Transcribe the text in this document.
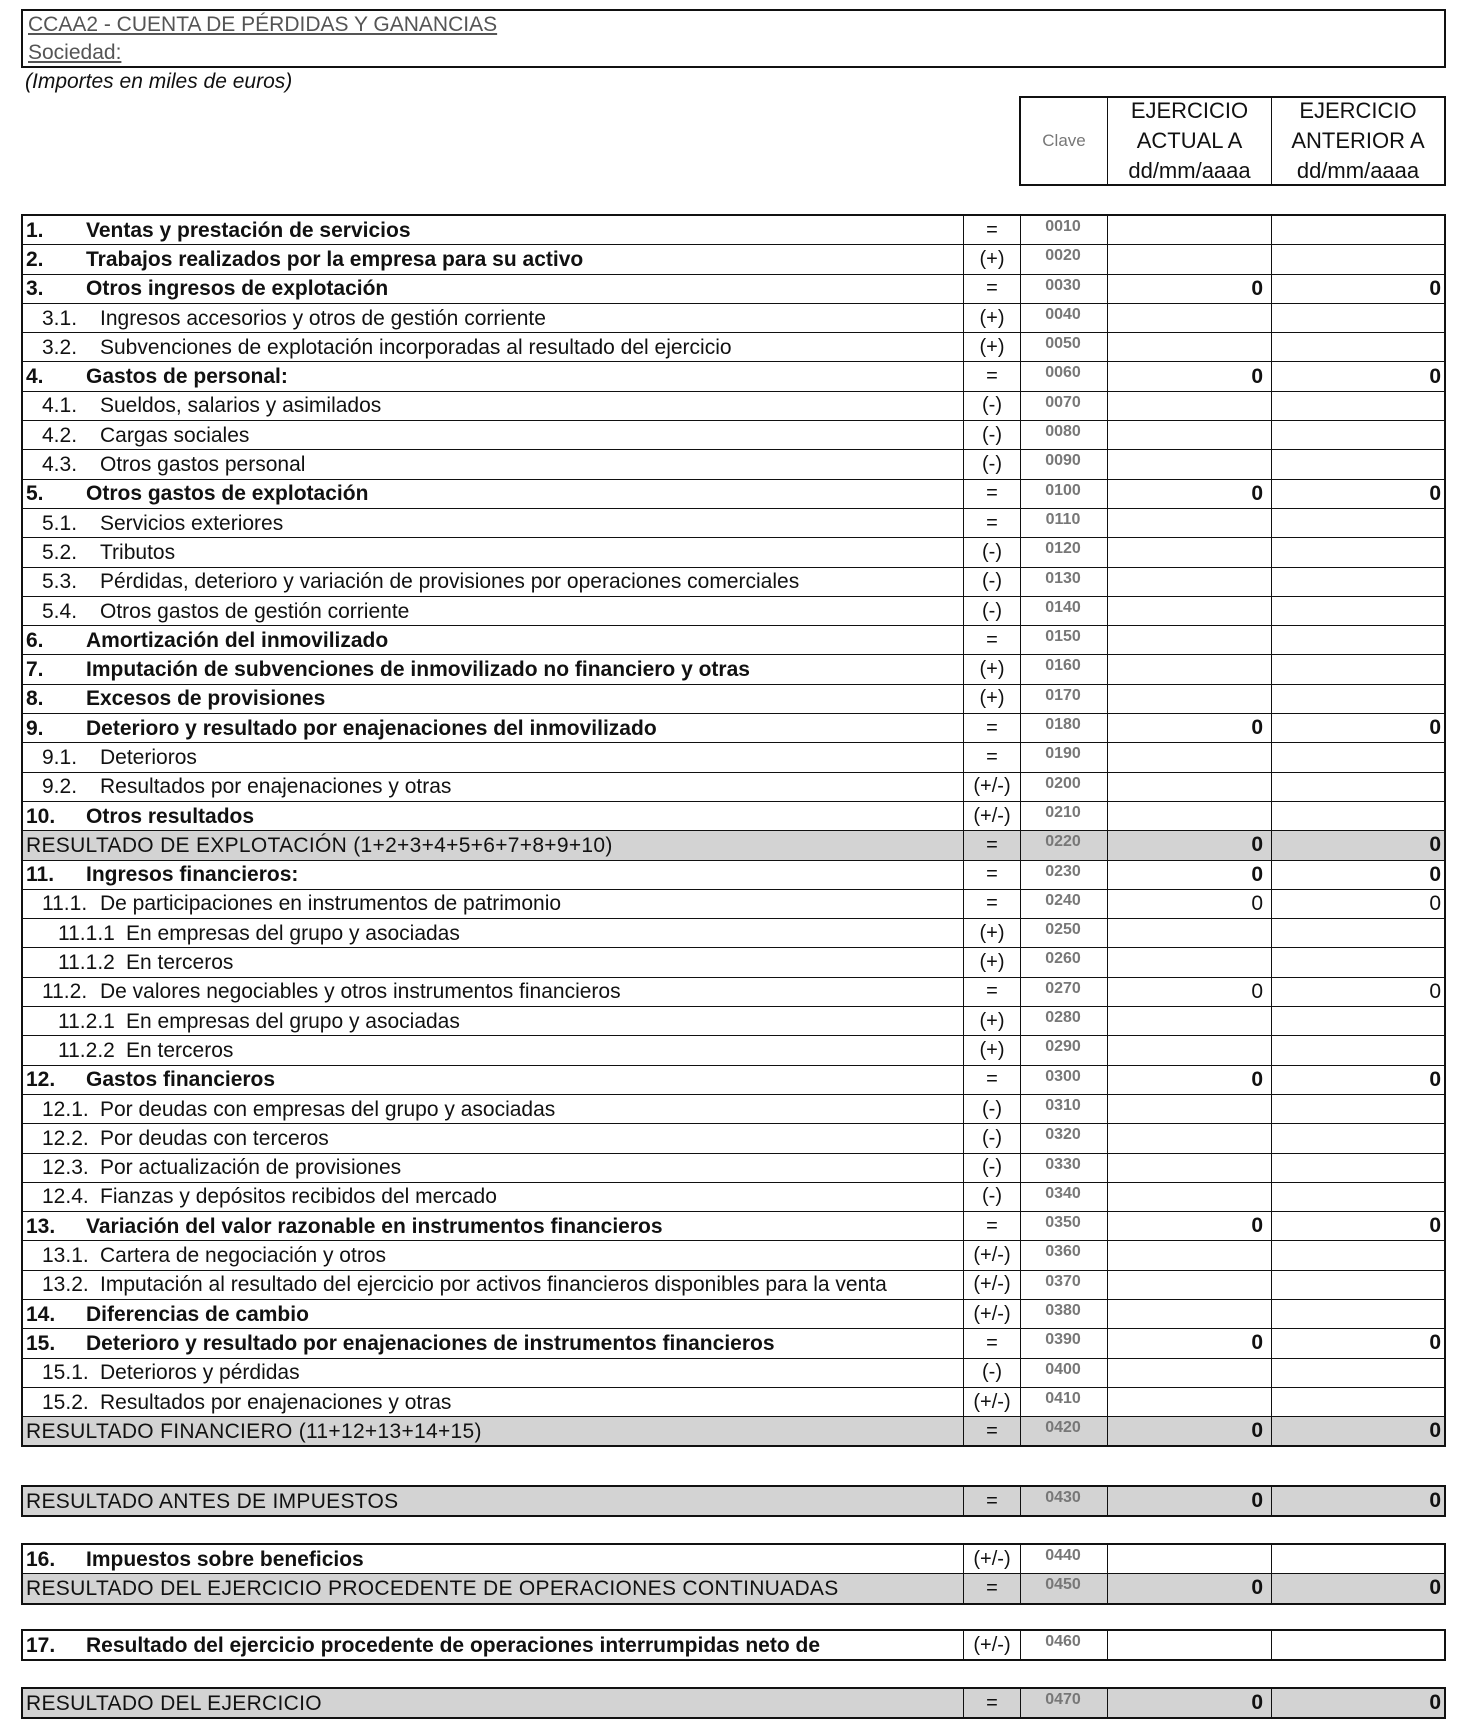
CCAA2 - CUENTA DE PÉRDIDAS Y GANANCIAS
Sociedad:
(Importes en miles de euros)
Clave
EJERCICIO
ACTUAL A
dd/mm/aaaa
EJERCICIO
ANTERIOR A
dd/mm/aaaa
1.	Ventas y prestación de servicios	=	0010
2.	Trabajos realizados por la empresa para su activo	(+)	0020
3.	Otros ingresos de explotación	=	0030	0	0
3.1.	Ingresos accesorios y otros de gestión corriente	(+)	0040
3.2.	Subvenciones de explotación incorporadas al resultado del ejercicio	(+)	0050
4.	Gastos de personal:	=	0060	0	0
4.1.	Sueldos, salarios y asimilados	(-)	0070
4.2.	Cargas sociales	(-)	0080
4.3.	Otros gastos personal	(-)	0090
5.	Otros gastos de explotación	=	0100	0	0
5.1.	Servicios exteriores	=	0110
5.2.	Tributos	(-)	0120
5.3.	Pérdidas, deterioro y variación de provisiones por operaciones comerciales	(-)	0130
5.4.	Otros gastos de gestión corriente	(-)	0140
6.	Amortización del inmovilizado	=	0150
7.	Imputación de subvenciones de inmovilizado no financiero y otras	(+)	0160
8.	Excesos de provisiones	(+)	0170
9.	Deterioro y resultado por enajenaciones del inmovilizado	=	0180	0	0
9.1.	Deterioros	=	0190
9.2.	Resultados por enajenaciones y otras	(+/-)	0200
10.	Otros resultados	(+/-)	0210
RESULTADO DE EXPLOTACIÓN (1+2+3+4+5+6+7+8+9+10)	=	0220	0	0
11.	Ingresos financieros:	=	0230	0	0
11.1. De participaciones en instrumentos de patrimonio	=	0240	0	0
11.1.1 En empresas del grupo y asociadas	(+)	0250
11.1.2 En terceros	(+)	0260
11.2. De valores negociables y otros instrumentos financieros	=	0270	0	0
11.2.1 En empresas del grupo y asociadas	(+)	0280
11.2.2 En terceros	(+)	0290
12.	Gastos financieros	=	0300	0	0
12.1. Por deudas con empresas del grupo y asociadas	(-)	0310
12.2. Por deudas con terceros	(-)	0320
12.3. Por actualización de provisiones	(-)	0330
12.4. Fianzas y depósitos recibidos del mercado	(-)	0340
13.	Variación del valor razonable en instrumentos financieros	=	0350	0	0
13.1. Cartera de negociación y otros	(+/-)	0360
13.2. Imputación al resultado del ejercicio por activos financieros disponibles para la venta	(+/-)	0370
14.	Diferencias de cambio	(+/-)	0380
15.	Deterioro y resultado por enajenaciones de instrumentos financieros	=	0390	0	0
15.1. Deterioros y pérdidas	(-)	0400
15.2. Resultados por enajenaciones y otras	(+/-)	0410
RESULTADO FINANCIERO (11+12+13+14+15)	=	0420	0	0
RESULTADO ANTES DE IMPUESTOS	=	0430	0	0
16.	Impuestos sobre beneficios	(+/-)	0440
RESULTADO DEL EJERCICIO PROCEDENTE DE OPERACIONES CONTINUADAS	=	0450	0	0
17.	Resultado del ejercicio procedente de operaciones interrumpidas neto de	(+/-)	0460
RESULTADO DEL EJERCICIO	=	0470	0	0
